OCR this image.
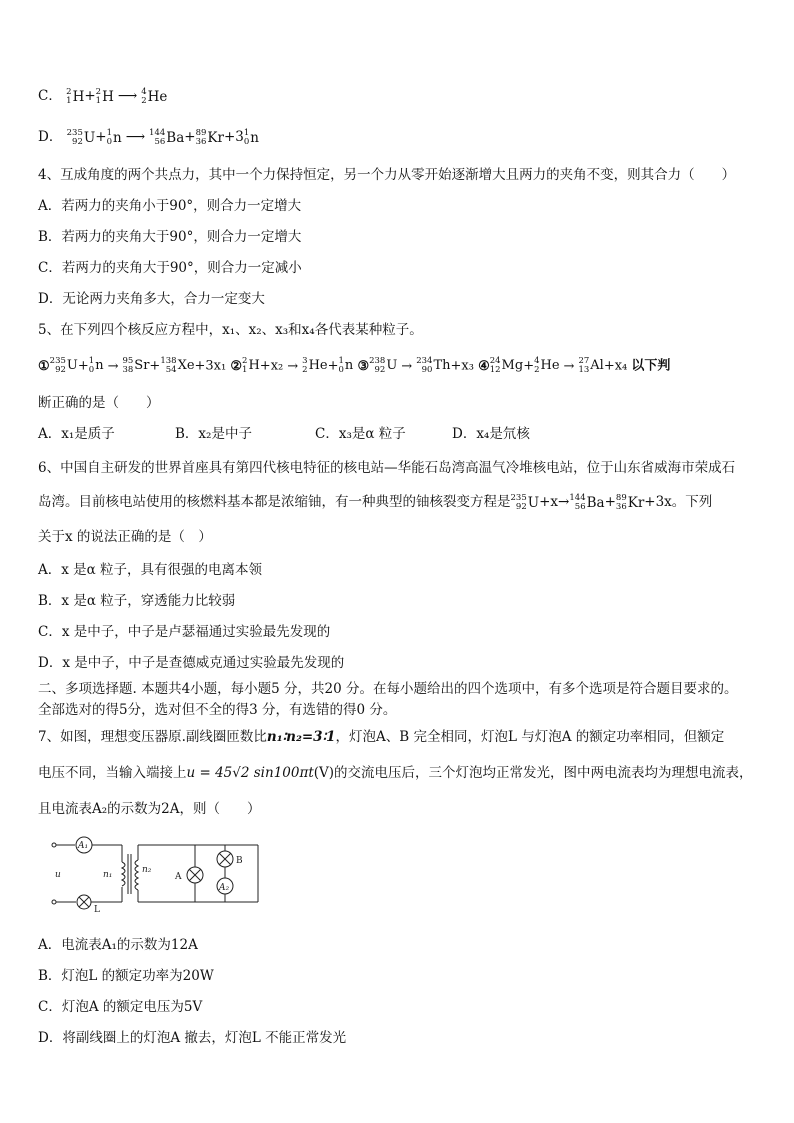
C． 2
1 H + 2
1 H ⟶ 4
2 He
D． 235
92 U + 1
0 n ⟶ 144
56 Ba + 89
36 Kr +3 1
0 n
4、互成角度的两个共点力，其中一个力保持恒定，另一个力从零开始逐渐增大且两力的夹角不变，则其合力（　　）
A．若两力的夹角小于90°，则合力一定增大
B．若两力的夹角大于90°，则合力一定增大
C．若两力的夹角大于90°，则合力一定减小
D．无论两力夹角多大，合力一定变大
5、在下列四个核反应方程中，x₁、x₂、x₃和x₄各代表某种粒子。
① 235
92 U + 1
0 n → 95
38 Sr + 138
54 Xe +3x₁ ② 2
1 H +x₂ → 3
2 He + 1
0 n ③ 238
92 U → 234
90 Th +x₃ ④ 24
12 Mg + 4
2 He → 27
13 Al +x₄ 以下判
断正确的是（　　）
A．x₁是质子	B．x₂是中子	C．x₃是α 粒子	D．x₄是氘核
6、中国自主研发的世界首座具有第四代核电特征的核电站—华能石岛湾高温气冷堆核电站，位于山东省威海市荣成石
岛湾。目前核电站使用的核燃料基本都是浓缩铀，有一种典型的铀核裂变方程是 235
92 U +x→ 144
56 Ba + 89
36 Kr +3x。下列
关于x 的说法正确的是（　）
A．x 是α 粒子，具有很强的电离本领
B．x 是α 粒子，穿透能力比较弱
C．x 是中子，中子是卢瑟福通过实验最先发现的
D．x 是中子，中子是查德威克通过实验最先发现的
二、多项选择题. 本题共4小题，每小题5 分，共20 分。在每小题给出的四个选项中，有多个选项是符合题目要求的。
全部选对的得5分，选对但不全的得3 分，有选错的得0 分。
7、如图，理想变压器原.副线圈匝数比n₁∶n₂=3∶1，灯泡A、B 完全相同，灯泡L 与灯泡A 的额定功率相同，但额定
电压不同，当输入端接上u = 45√2 sin100πt(V)的交流电压后，三个灯泡均正常发光，图中两电流表均为理想电流表，
且电流表A₂的示数为2A，则（　　）
A₁
u	n₁	n₂
L
A
B
A₂
A．电流表A₁的示数为12A
B．灯泡L 的额定功率为20W
C．灯泡A 的额定电压为5V
D．将副线圈上的灯泡A 撤去，灯泡L 不能正常发光
